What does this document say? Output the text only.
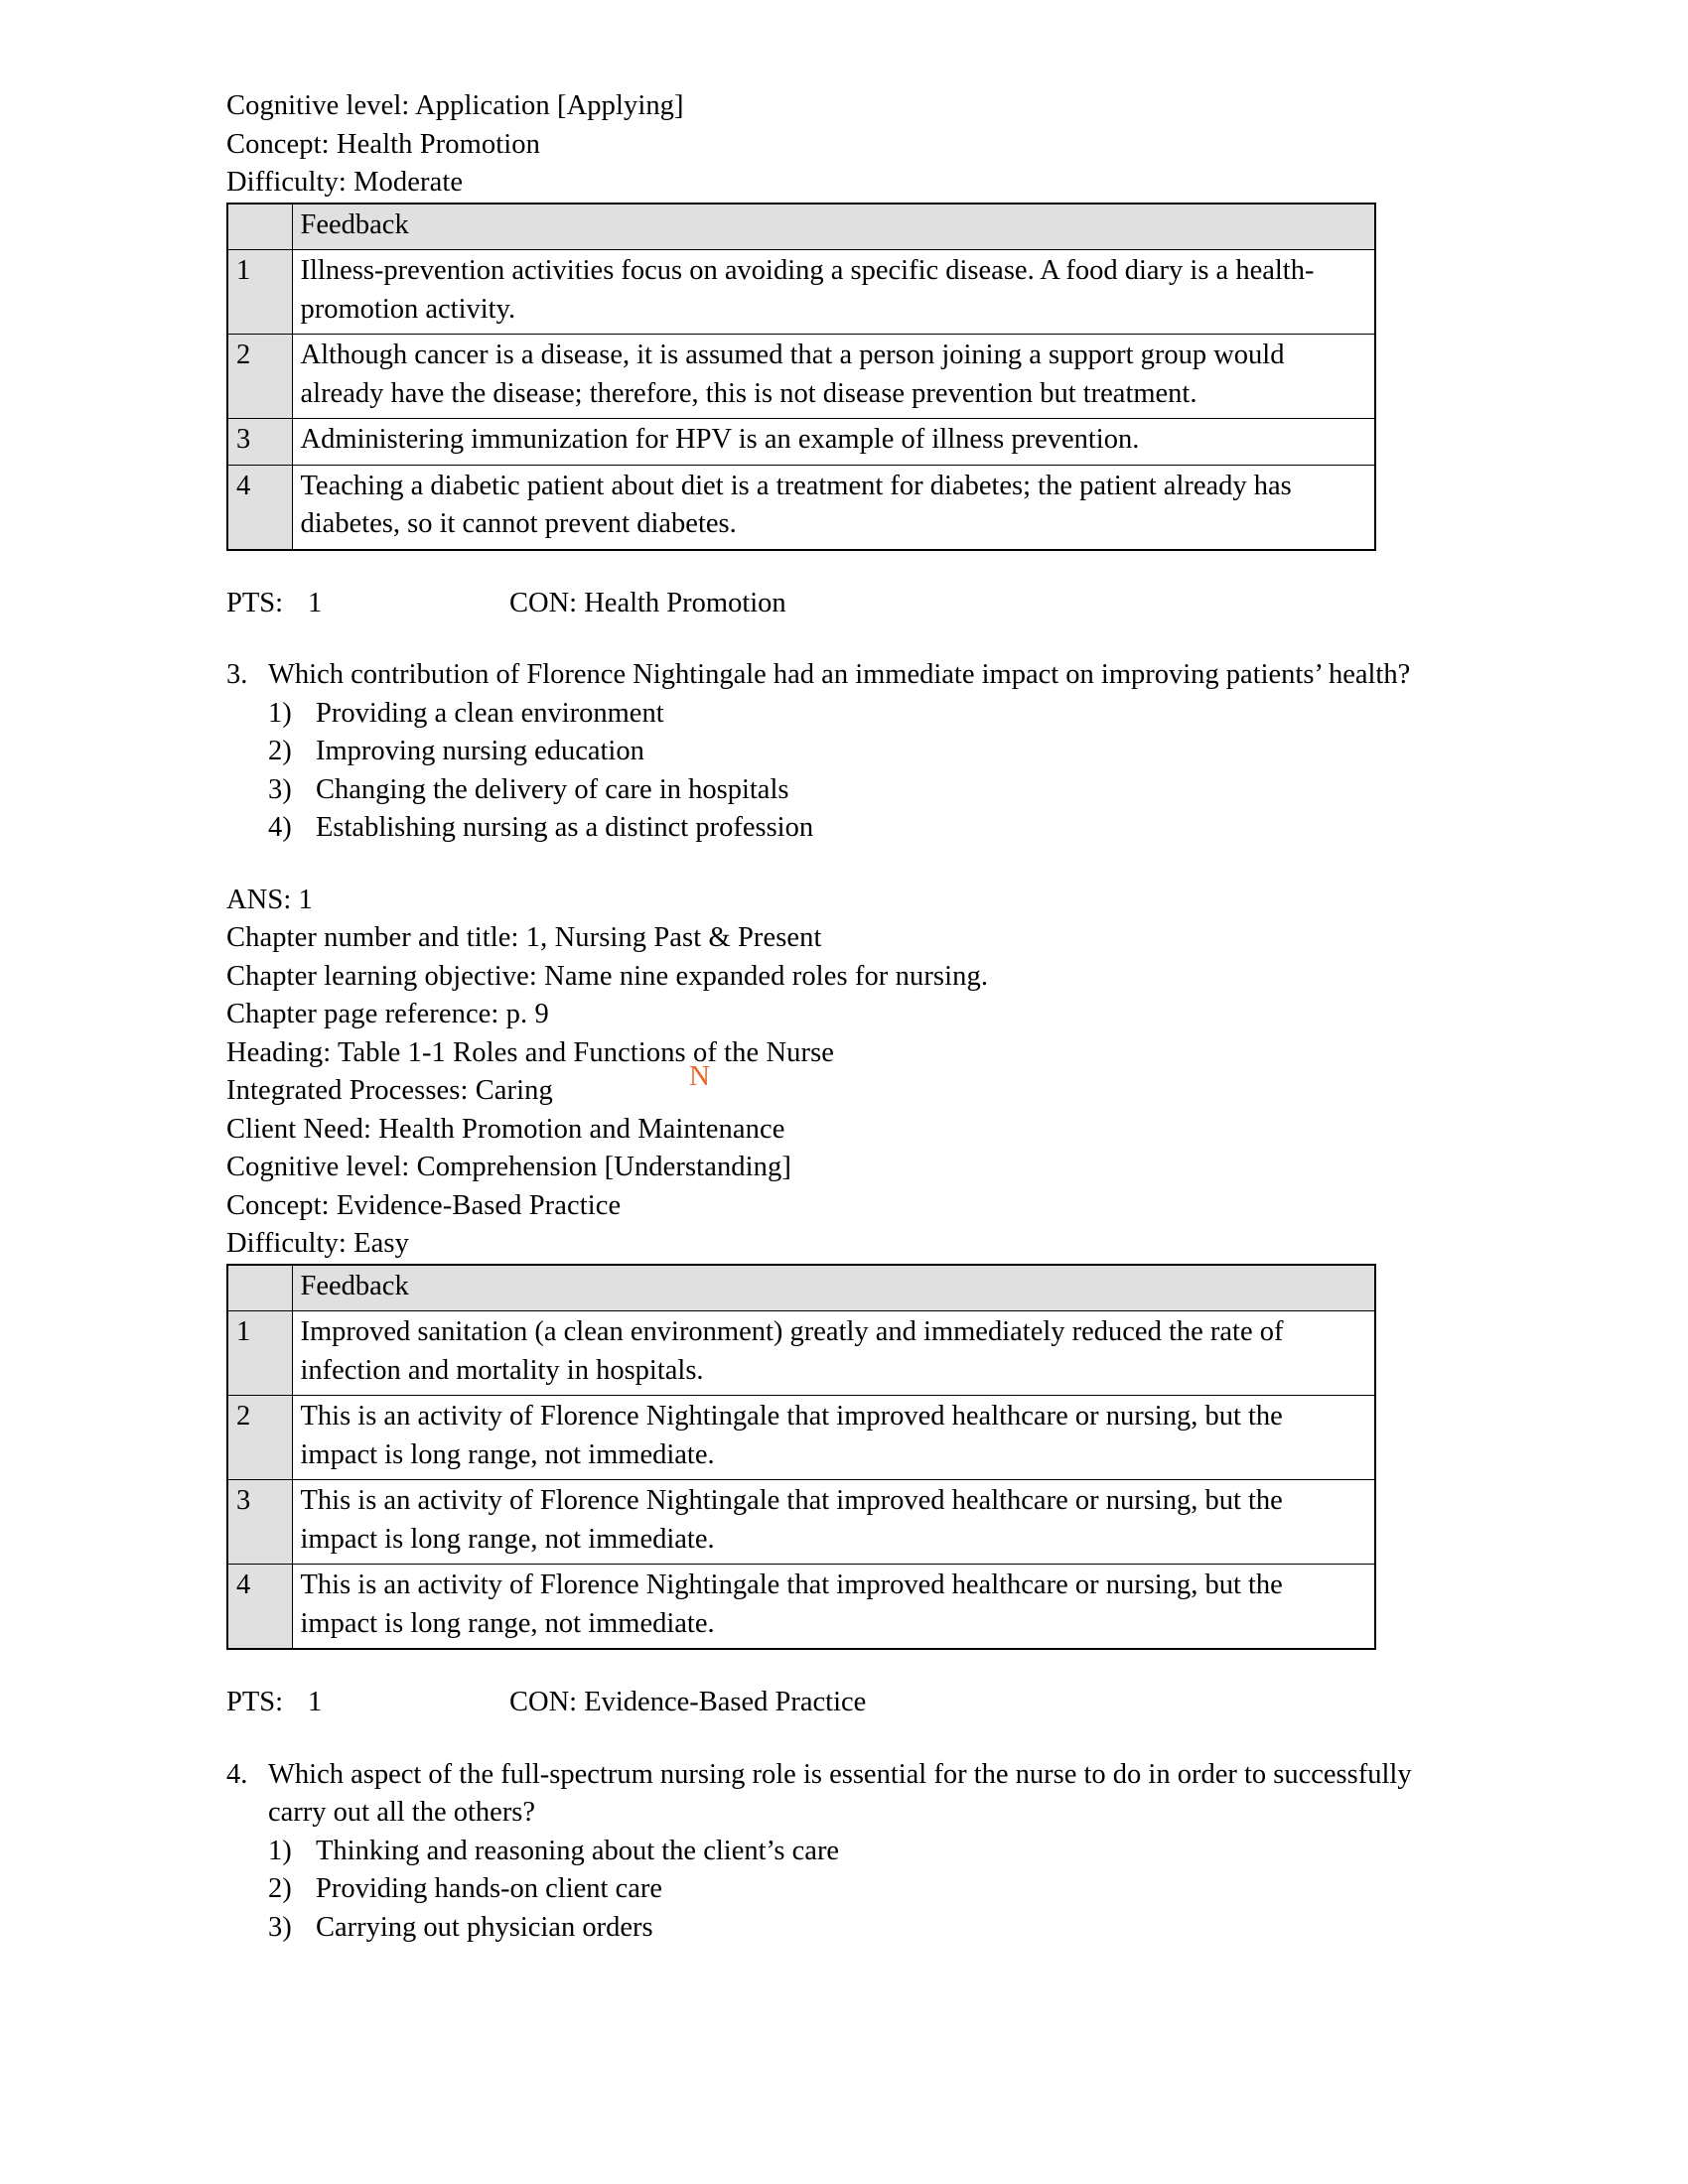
Cognitive level: Application [Applying]
Concept: Health Promotion
Difficulty: Moderate
	Feedback
1	Illness-prevention activities focus on avoiding a specific disease. A food diary is a health-promotion activity.
2	Although cancer is a disease, it is assumed that a person joining a support group would already have the disease; therefore, this is not disease prevention but treatment.
3	Administering immunization for HPV is an example of illness prevention.
4	Teaching a diabetic patient about diet is a treatment for diabetes; the patient already has diabetes, so it cannot prevent diabetes.
PTS: 1	CON: Health Promotion
3. Which contribution of Florence Nightingale had an immediate impact on improving patients’ health?
1) Providing a clean environment
2) Improving nursing education
3) Changing the delivery of care in hospitals
4) Establishing nursing as a distinct profession
ANS: 1
Chapter number and title: 1, Nursing Past & Present
Chapter learning objective: Name nine expanded roles for nursing.
Chapter page reference: p. 9
Heading: Table 1-1 Roles and Functions of the Nurse
Integrated Processes: Caring
Client Need: Health Promotion and Maintenance
Cognitive level: Comprehension [Understanding]
Concept: Evidence-Based Practice
Difficulty: Easy
	Feedback
1	Improved sanitation (a clean environment) greatly and immediately reduced the rate of infection and mortality in hospitals.
2	This is an activity of Florence Nightingale that improved healthcare or nursing, but the impact is long range, not immediate.
3	This is an activity of Florence Nightingale that improved healthcare or nursing, but the impact is long range, not immediate.
4	This is an activity of Florence Nightingale that improved healthcare or nursing, but the impact is long range, not immediate.
PTS: 1	CON: Evidence-Based Practice
4. Which aspect of the full-spectrum nursing role is essential for the nurse to do in order to successfully carry out all the others?
1) Thinking and reasoning about the client’s care
2) Providing hands-on client care
3) Carrying out physician orders
N
